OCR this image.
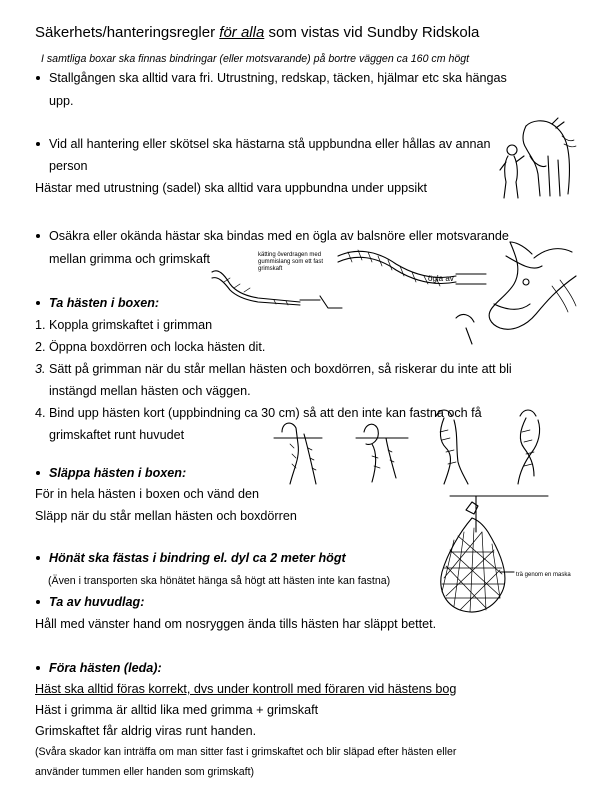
Säkerhets/hanteringsregler för alla som vistas vid Sundby Ridskola
I samtliga boxar ska finnas bindringar (eller motsvarande) på bortre väggen ca 160 cm högt
Stallgången ska alltid vara fri. Utrustning, redskap, täcken, hjälmar etc ska hängas
upp.
Vid all hantering eller skötsel ska hästarna stå uppbundna eller hållas av annan
person
Hästar med utrustning (sadel) ska alltid vara uppbundna under uppsikt
Osäkra eller okända hästar ska bindas med en ögla av balsnöre eller motsvarande
mellan grimma och grimskaft	kätting överdragen med gummislang som ett fast grimskaft
ögla av
Ta hästen i boxen:
1. Koppla grimskaftet i grimman
2. Öppna boxdörren och locka hästen dit.
3. Sätt på grimman när du står mellan hästen och boxdörren, så riskerar du inte att bli
instängd mellan hästen och väggen.
4. Bind upp hästen kort (uppbindning ca 30 cm) så att den inte kan fastna och få
grimskaftet runt huvudet
Släppa hästen i boxen:
För in hela hästen i boxen och vänd den
Släpp när du står mellan hästen och boxdörren
trä genom en maska
Hönät ska fästas i bindring el. dyl ca 2 meter högt
(Även i transporten ska hönätet hänga så högt att hästen inte kan fastna)
Ta av huvudlag:
Håll med vänster hand om nosryggen ända tills hästen har släppt bettet.
Föra hästen (leda):
Häst ska alltid föras korrekt, dvs under kontroll med föraren vid hästens bog
Häst i grimma är alltid lika med grimma + grimskaft
Grimskaftet får aldrig viras runt handen.
(Svåra skador kan inträffa om man sitter fast i grimskaftet och blir släpad efter hästen eller
använder tummen eller handen som grimskaft)
